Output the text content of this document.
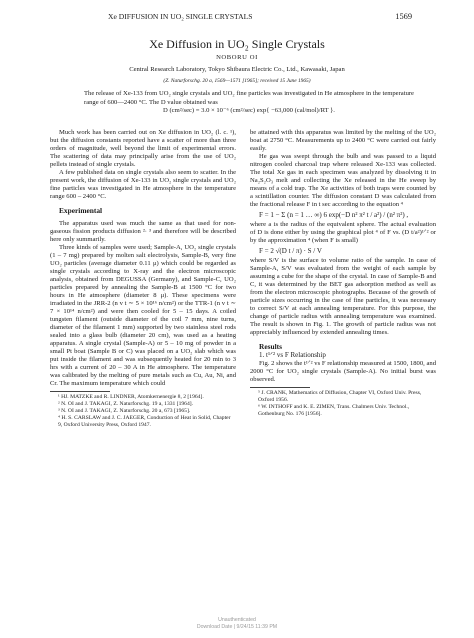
Xe DIFFUSION IN UO₂ SINGLE CRYSTALS	1569
Xe Diffusion in UO₂ Single Crystals
NOBORU OI
Central Research Laboratory, Tokyo Shibaura Electric Co., Ltd., Kawasaki, Japan
(Z. Naturforschg. 20 a, 1569—1571 [1965]; received 15 June 1965)
The release of Xe-133 from UO₂ single crystals and UO₂ fine particles was investigated in He atmosphere in the temperature range of 600—2400 °C. The D value obtained was
D (cm²/sec) = 3.0 × 10⁻⁶ (cm²/sec) exp{ −63,000 (cal/mol)/RT }.

Much work has been carried out on Xe diffusion in UO₂ (l. c. ¹), but the diffusion constants reported have a scatter of more than three orders of magnitude, well beyond the limit of experimental errors. The scattering of data may principally arise from the use of UO₂ pellets instead of single crystals.

A few published data on single crystals also seem to scatter. In the present work, the diffusion of Xe-133 in UO₂ single crystals and UO₂ fine particles was investigated in He atmosphere in the temperature range 600 – 2400 °C.

Experimental

The apparatus used was much the same as that used for non-gaseous fission products diffusion ²· ³ and therefore will be described here only summarily.

Three kinds of samples were used; Sample-A, UO₂ single crystals (1 – 7 mg) prepared by molten salt electrolysis, Sample-B, very fine UO₂ particles (average diameter 0.11 μ) which could be regarded as single crystals according to X-ray and the electron microscopic analysis, obtained from DEGUSSA (Germany), and Sample-C, UO₂ particles prepared by annealing the Sample-B at 1500 °C for two hours in He atmosphere (diameter 8 μ). These specimens were irradiated in the JRR-2 (n v t ∼ 5 × 10¹⁶ n/cm²) or the TTR-1 (n v t ∼ 7 × 10¹⁴ n/cm²) and were then cooled for 5 – 15 days. A coiled tungsten filament (outside diameter of the coil 7 mm, nine turns, diameter of the filament 1 mm) supported by two stainless steel rods sealed into a glass bulb (diameter 20 cm), was used as a heating apparatus. A single crystal (Sample-A) or 5 – 10 mg of powder in a small Pt boat (Sample B or C) was placed on a UO₂ slab which was put inside the filament and was subsequently heated for 20 min to 3 hrs with a current of 20 – 30 A in He atmosphere. The temperature was calibrated by the melting of pure metals such as Cu, Au, Ni, and Cr. The maximum temperature which could

¹ HJ. MATZKE and R. LINDNER, Atomkernenergie 8, 2 [1964].

² N. OI and J. TAKAGI, Z. Naturforschg. 19 a, 1331 [1964].

³ N. OI and J. TAKAGI, Z. Naturforschg. 20 a, 673 [1965].

⁴ H. S. CARSLAW and J. C. JAEGER, Conduction of Heat in Solid, Chapter 9, Oxford University Press, Oxford 1947.

be attained with this apparatus was limited by the melting of the UO₂ boat at 2750 °C. Measurements up to 2400 °C were carried out fairly easily.

He gas was swept through the bulb and was passed to a liquid nitrogen cooled charcoal trap where released Xe-133 was collected. The total Xe gas in each specimen was analyzed by dissolving it in Na₂S₂O₃ melt and collecting the Xe released in the He sweep by means of a cold trap. The Xe activities of both traps were counted by a scintillation counter. The diffusion constant D was calculated from the fractional release F in t sec according to the equation ⁴

F = 1 − Σ (n = 1 … ∞) 6 exp(−D n² π² t / a²) / (n² π²) ,

where a is the radius of the equivalent sphere. The actual evaluation of D is done either by using the graphical plot ⁴ of F vs. (D t/a²)¹ᐟ² or by the approximation ⁴ (when F is small)

F = 2 √(D t / π) · S / V

where S/V is the surface to volume ratio of the sample. In case of Sample-A, S/V was evaluated from the weight of each sample by assuming a cube for the shape of the crystal. In case of Sample-B and C, it was determined by the BET gas adsorption method as well as from the electron microscopic photographs. Because of the growth of particle sizes occurring in the case of fine particles, it was necessary to correct S/V at each annealing temperature. For this purpose, the change of particle radius with annealing temperature was examined. The result is shown in Fig. 1. The growth of particle radius was not appreciably influenced by extended annealing times.

Results

1. t¹ᐟ² vs F Relationship

Fig. 2 shows the t¹ᐟ² vs F relationship measured at 1500, 1800, and 2000 °C for UO₂ single crystals (Sample-A). No initial burst was observed.

⁵ J. CRANK, Mathematics of Diffusion, Chapter VI, Oxford Univ. Press, Oxford 1956.

⁶ W. INTHOFF and K. E. ZIMEN, Trans. Chalmers Univ. Technol., Gothenburg No. 176 [1956].

Unauthenticated
Download Date | 9/24/15 11:39 PM
